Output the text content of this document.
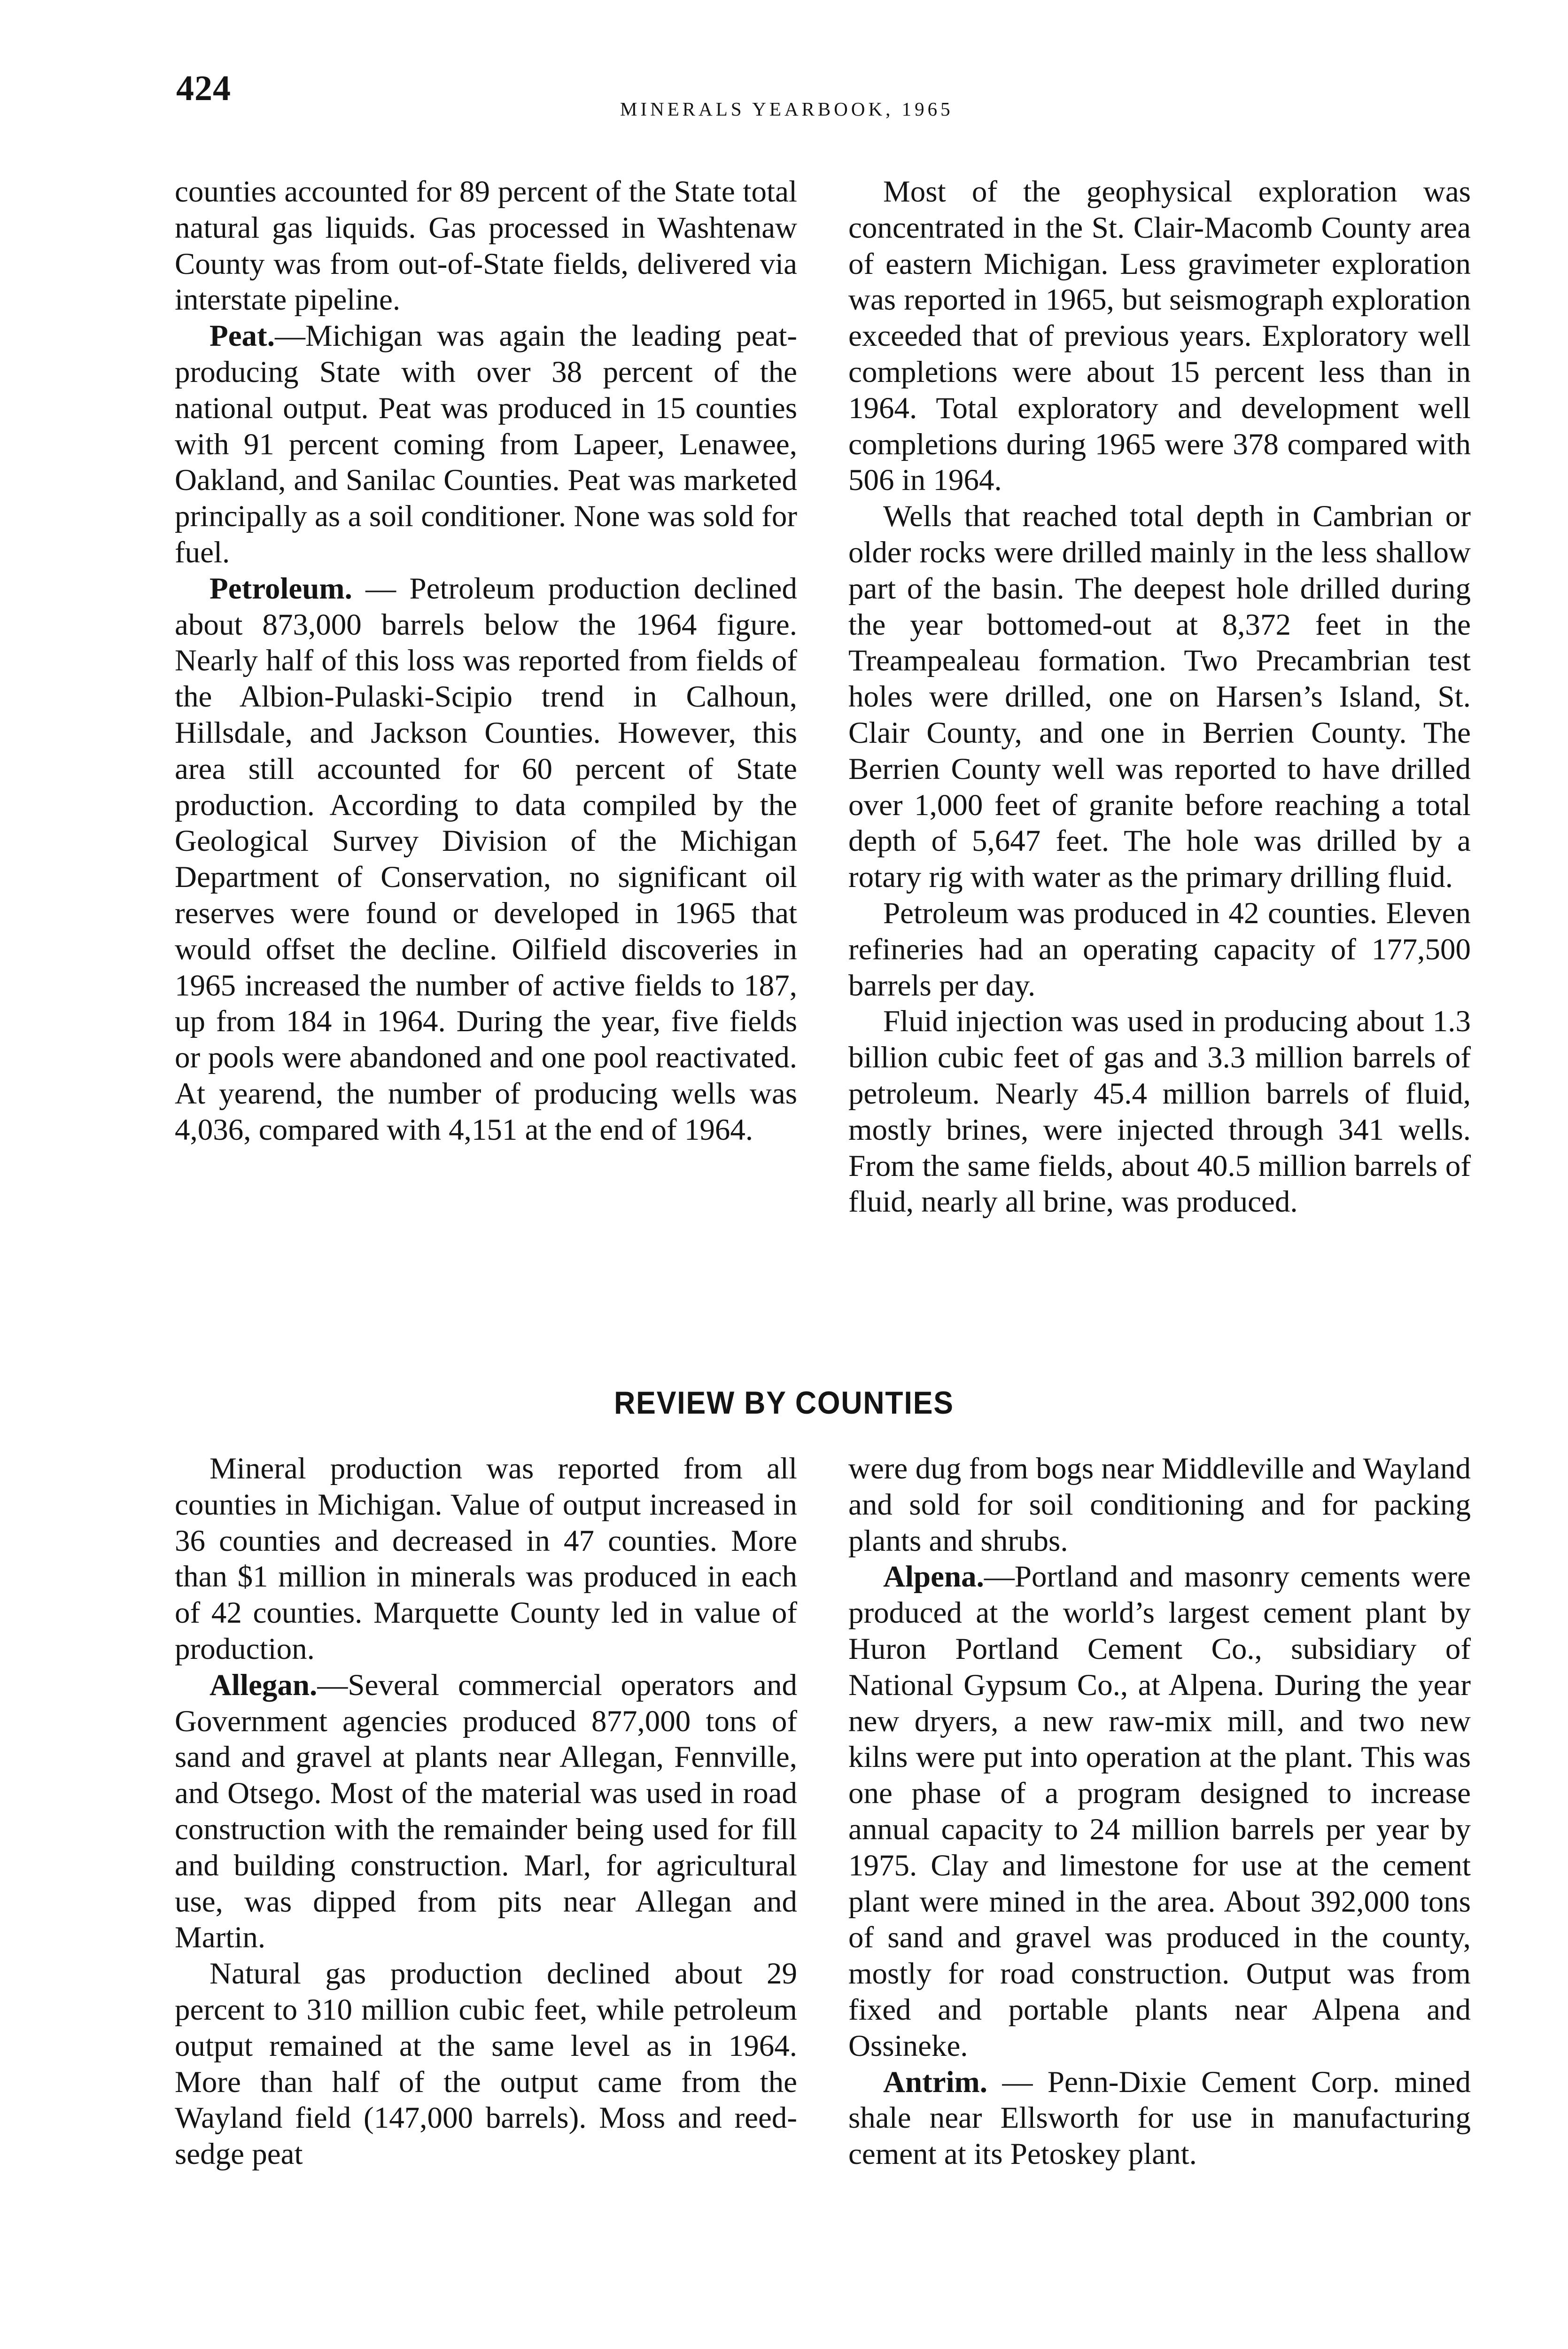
424
MINERALS YEARBOOK, 1965

counties accounted for 89 percent of the State total natural gas liquids. Gas processed in Washtenaw County was from out-of-State fields, delivered via interstate pipeline.

Peat.—Michigan was again the leading peat-producing State with over 38 percent of the national output. Peat was produced in 15 counties with 91 percent coming from Lapeer, Lenawee, Oakland, and Sanilac Counties. Peat was marketed principally as a soil conditioner. None was sold for fuel.

Petroleum. — Petroleum production declined about 873,000 barrels below the 1964 figure. Nearly half of this loss was reported from fields of the Albion-Pulaski-Scipio trend in Calhoun, Hillsdale, and Jackson Counties. However, this area still accounted for 60 percent of State production. According to data compiled by the Geological Survey Division of the Michigan Department of Conservation, no significant oil reserves were found or developed in 1965 that would offset the decline. Oilfield discoveries in 1965 increased the number of active fields to 187, up from 184 in 1964. During the year, five fields or pools were abandoned and one pool reactivated. At yearend, the number of producing wells was 4,036, compared with 4,151 at the end of 1964.

Most of the geophysical exploration was concentrated in the St. Clair-Macomb County area of eastern Michigan. Less gravimeter exploration was reported in 1965, but seismograph exploration exceeded that of previous years. Exploratory well completions were about 15 percent less than in 1964. Total exploratory and development well completions during 1965 were 378 compared with 506 in 1964.

Wells that reached total depth in Cambrian or older rocks were drilled mainly in the less shallow part of the basin. The deepest hole drilled during the year bottomed-out at 8,372 feet in the Treampealeau formation. Two Precambrian test holes were drilled, one on Harsen’s Island, St. Clair County, and one in Berrien County. The Berrien County well was reported to have drilled over 1,000 feet of granite before reaching a total depth of 5,647 feet. The hole was drilled by a rotary rig with water as the primary drilling fluid.

Petroleum was produced in 42 counties. Eleven refineries had an operating capacity of 177,500 barrels per day.

Fluid injection was used in producing about 1.3 billion cubic feet of gas and 3.3 million barrels of petroleum. Nearly 45.4 million barrels of fluid, mostly brines, were injected through 341 wells. From the same fields, about 40.5 million barrels of fluid, nearly all brine, was produced.

REVIEW BY COUNTIES

Mineral production was reported from all counties in Michigan. Value of output increased in 36 counties and decreased in 47 counties. More than $1 million in minerals was produced in each of 42 counties. Marquette County led in value of production.

Allegan.—Several commercial operators and Government agencies produced 877,000 tons of sand and gravel at plants near Allegan, Fennville, and Otsego. Most of the material was used in road construction with the remainder being used for fill and building construction. Marl, for agricultural use, was dipped from pits near Allegan and Martin.

Natural gas production declined about 29 percent to 310 million cubic feet, while petroleum output remained at the same level as in 1964. More than half of the output came from the Wayland field (147,000 barrels). Moss and reed-sedge peat

were dug from bogs near Middleville and Wayland and sold for soil conditioning and for packing plants and shrubs.

Alpena.—Portland and masonry cements were produced at the world’s largest cement plant by Huron Portland Cement Co., subsidiary of National Gypsum Co., at Alpena. During the year new dryers, a new raw-mix mill, and two new kilns were put into operation at the plant. This was one phase of a program designed to increase annual capacity to 24 million barrels per year by 1975. Clay and limestone for use at the cement plant were mined in the area. About 392,000 tons of sand and gravel was produced in the county, mostly for road construction. Output was from fixed and portable plants near Alpena and Ossineke.

Antrim. — Penn-Dixie Cement Corp. mined shale near Ellsworth for use in manufacturing cement at its Petoskey plant.
